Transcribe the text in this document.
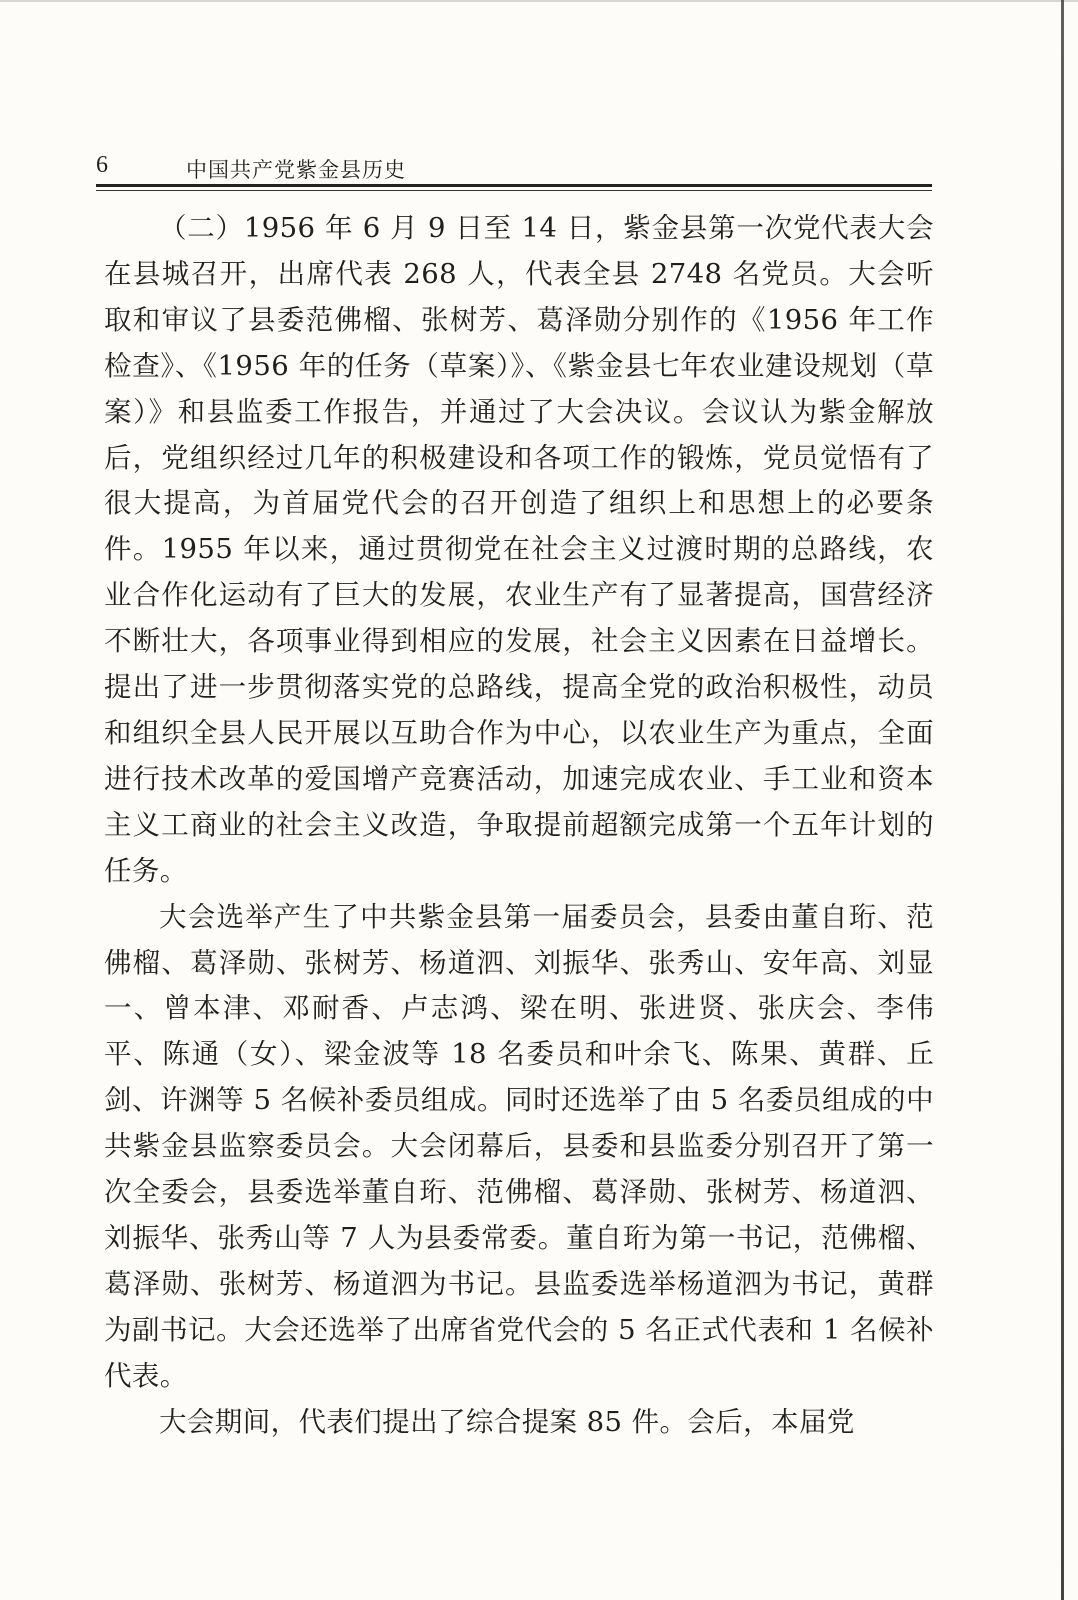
6	中国共产党紫金县历史

（二）1956 年 6 月 9 日至 14 日，紫金县第一次党代表大会在县城召开，出席代表 268 人，代表全县 2748 名党员。大会听取和审议了县委范佛榴、张树芳、葛泽勋分别作的《1956 年工作检查》、《1956 年的任务（草案）》、《紫金县七年农业建设规划（草案）》和县监委工作报告，并通过了大会决议。会议认为紫金解放后，党组织经过几年的积极建设和各项工作的锻炼，党员觉悟有了很大提高，为首届党代会的召开创造了组织上和思想上的必要条件。1955 年以来，通过贯彻党在社会主义过渡时期的总路线，农业合作化运动有了巨大的发展，农业生产有了显著提高，国营经济不断壮大，各项事业得到相应的发展，社会主义因素在日益增长。提出了进一步贯彻落实党的总路线，提高全党的政治积极性，动员和组织全县人民开展以互助合作为中心，以农业生产为重点，全面进行技术改革的爱国增产竞赛活动，加速完成农业、手工业和资本主义工商业的社会主义改造，争取提前超额完成第一个五年计划的任务。

大会选举产生了中共紫金县第一届委员会，县委由董自珩、范佛榴、葛泽勋、张树芳、杨道泗、刘振华、张秀山、安年高、刘显一、曾本津、邓耐香、卢志鸿、梁在明、张进贤、张庆会、李伟平、陈通（女）、梁金波等 18 名委员和叶余飞、陈果、黄群、丘剑、许渊等 5 名候补委员组成。同时还选举了由 5 名委员组成的中共紫金县监察委员会。大会闭幕后，县委和县监委分别召开了第一次全委会，县委选举董自珩、范佛榴、葛泽勋、张树芳、杨道泗、刘振华、张秀山等 7 人为县委常委。董自珩为第一书记，范佛榴、葛泽勋、张树芳、杨道泗为书记。县监委选举杨道泗为书记，黄群为副书记。大会还选举了出席省党代会的 5 名正式代表和 1 名候补代表。

大会期间，代表们提出了综合提案 85 件。会后，本届党
